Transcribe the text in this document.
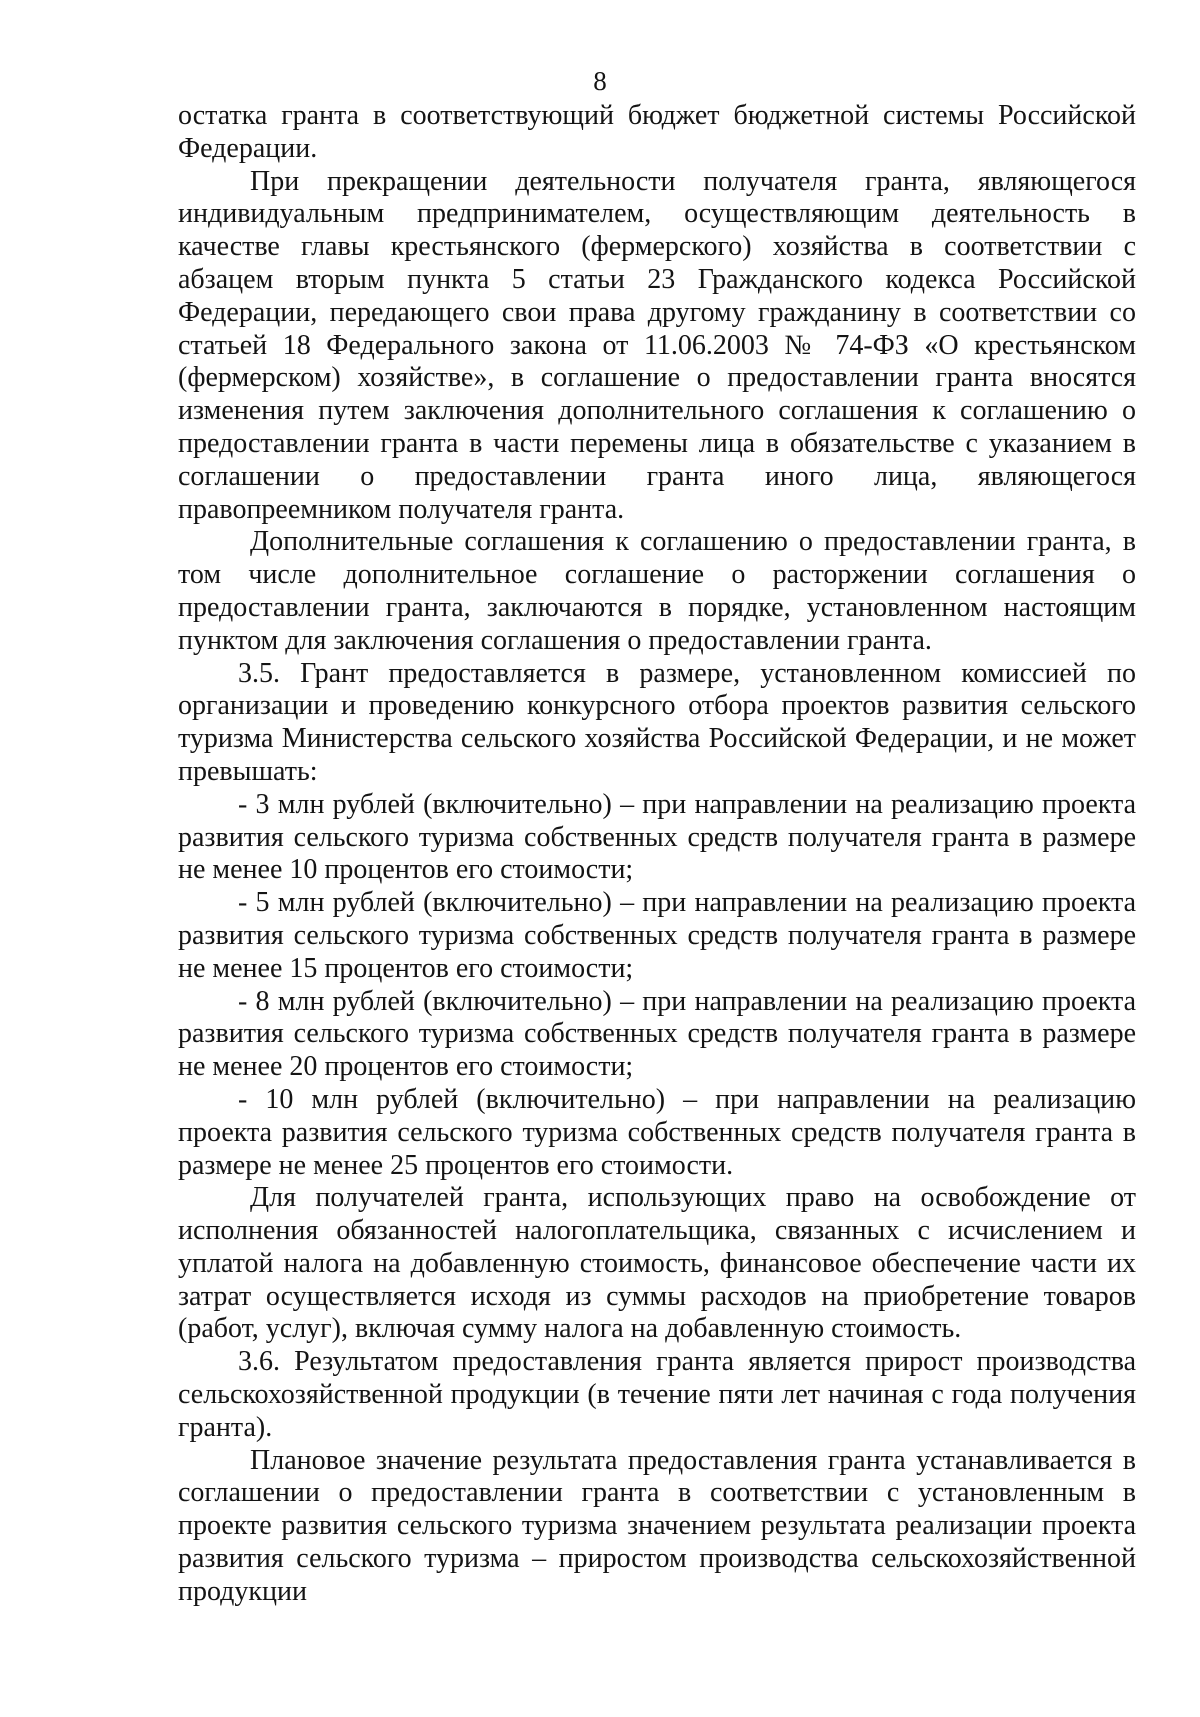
8

остатка гранта в соответствующий бюджет бюджетной системы Российской Федерации.

При прекращении деятельности получателя гранта, являющегося индивидуальным предпринимателем, осуществляющим деятельность в качестве главы крестьянского (фермерского) хозяйства в соответствии с абзацем вторым пункта 5 статьи 23 Гражданского кодекса Российской Федерации, передающего свои права другому гражданину в соответствии со статьей 18 Федерального закона от 11.06.2003 № 74-ФЗ «О крестьянском (фермерском) хозяйстве», в соглашение о предоставлении гранта вносятся изменения путем заключения дополнительного соглашения к соглашению о предоставлении гранта в части перемены лица в обязательстве с указанием в соглашении о предоставлении гранта иного лица, являющегося правопреемником получателя гранта.

Дополнительные соглашения к соглашению о предоставлении гранта, в том числе дополнительное соглашение о расторжении соглашения о предоставлении гранта, заключаются в порядке, установленном настоящим пунктом для заключения соглашения о предоставлении гранта.

3.5. Грант предоставляется в размере, установленном комиссией по организации и проведению конкурсного отбора проектов развития сельского туризма Министерства сельского хозяйства Российской Федерации, и не может превышать:

- 3 млн рублей (включительно) – при направлении на реализацию проекта развития сельского туризма собственных средств получателя гранта в размере не менее 10 процентов его стоимости;

- 5 млн рублей (включительно) – при направлении на реализацию проекта развития сельского туризма собственных средств получателя гранта в размере не менее 15 процентов его стоимости;

- 8 млн рублей (включительно) – при направлении на реализацию проекта развития сельского туризма собственных средств получателя гранта в размере не менее 20 процентов его стоимости;

- 10 млн рублей (включительно) – при направлении на реализацию проекта развития сельского туризма собственных средств получателя гранта в размере не менее 25 процентов его стоимости.

Для получателей гранта, использующих право на освобождение от исполнения обязанностей налогоплательщика, связанных с исчислением и уплатой налога на добавленную стоимость, финансовое обеспечение части их затрат осуществляется исходя из суммы расходов на приобретение товаров (работ, услуг), включая сумму налога на добавленную стоимость.

3.6. Результатом предоставления гранта является прирост производства сельскохозяйственной продукции (в течение пяти лет начиная с года получения гранта).

Плановое значение результата предоставления гранта устанавливается в соглашении о предоставлении гранта в соответствии с установленным в проекте развития сельского туризма значением результата реализации проекта развития сельского туризма – приростом производства сельскохозяйственной продукции
